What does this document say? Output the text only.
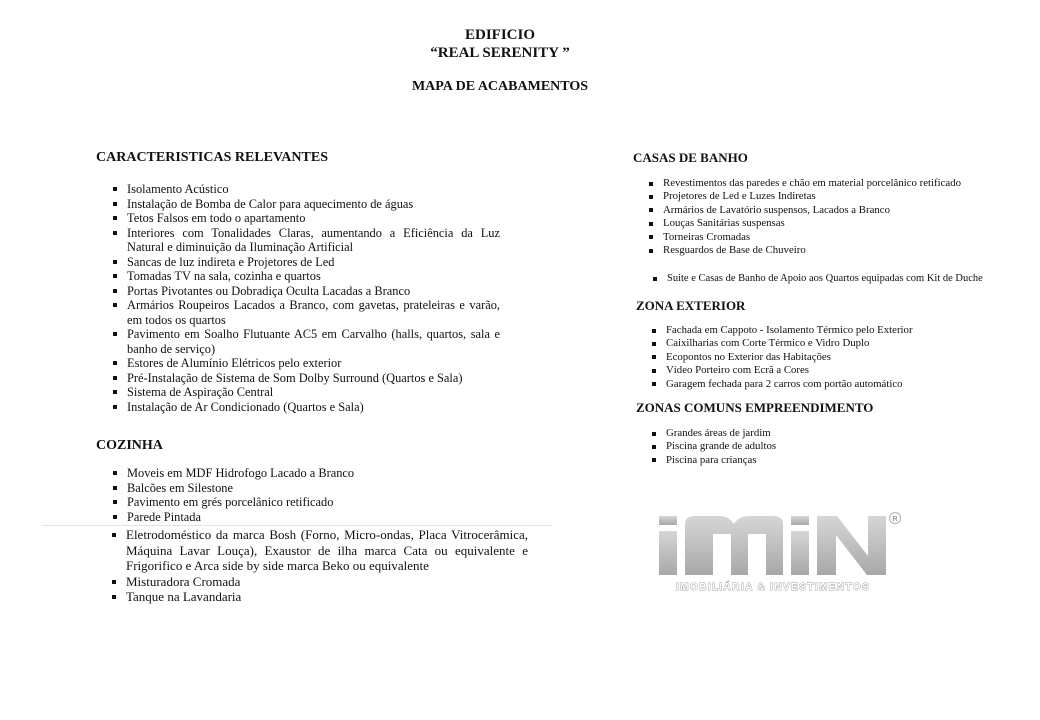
EDIFICIO
“REAL SERENITY ”
MAPA DE ACABAMENTOS
CARACTERISTICAS RELEVANTES
Isolamento Acústico
Instalação de Bomba de Calor para aquecimento de águas
Tetos Falsos em todo o apartamento
Interiores com Tonalidades Claras, aumentando a Eficiência da Luz Natural e diminuição da Iluminação Artificial
Sancas de luz indireta e Projetores de Led
Tomadas TV na sala, cozinha e quartos
Portas Pivotantes ou Dobradiça Oculta Lacadas a Branco
Armários Roupeiros Lacados a Branco, com gavetas, prateleiras e varão, em todos os quartos
Pavimento em Soalho Flutuante AC5 em Carvalho (halls, quartos, sala e banho de serviço)
Estores de Alumínio Elétricos pelo exterior
Pré-Instalação de Sistema de Som Dolby Surround (Quartos e Sala)
Sistema de Aspiração Central
Instalação de Ar Condicionado (Quartos e Sala)
COZINHA
Moveis em MDF Hidrofogo Lacado a Branco
Balcões em Silestone
Pavimento em grés porcelânico retificado
Parede Pintada
Eletrodoméstico da marca Bosh (Forno, Micro-ondas, Placa Vitrocerâmica, Máquina Lavar Louça), Exaustor de ilha marca Cata ou equivalente e Frigorifico e Arca side by side marca Beko ou equivalente
Misturadora Cromada
Tanque na Lavandaria
CASAS DE BANHO
Revestimentos das paredes e chão em material porcelânico retificado
Projetores de Led e Luzes Indiretas
Armários de Lavatório suspensos, Lacados a Branco
Louças Sanitárias suspensas
Torneiras Cromadas
Resguardos de Base de Chuveiro
Suite e Casas de Banho de Apoio aos Quartos equipadas com Kit de Duche
ZONA EXTERIOR
Fachada em Cappoto - Isolamento Térmico pelo Exterior
Caixilharias com Corte Térmico e Vidro Duplo
Ecopontos no Exterior das Habitações
Vídeo Porteiro com Ecrã a Cores
Garagem fechada para 2 carros com portão automático
ZONAS COMUNS EMPREENDIMENTO
Grandes áreas de jardim
Piscina grande de adultos
Piscina para crianças
R
IMOBILIÁRIA & INVESTIMENTOS
